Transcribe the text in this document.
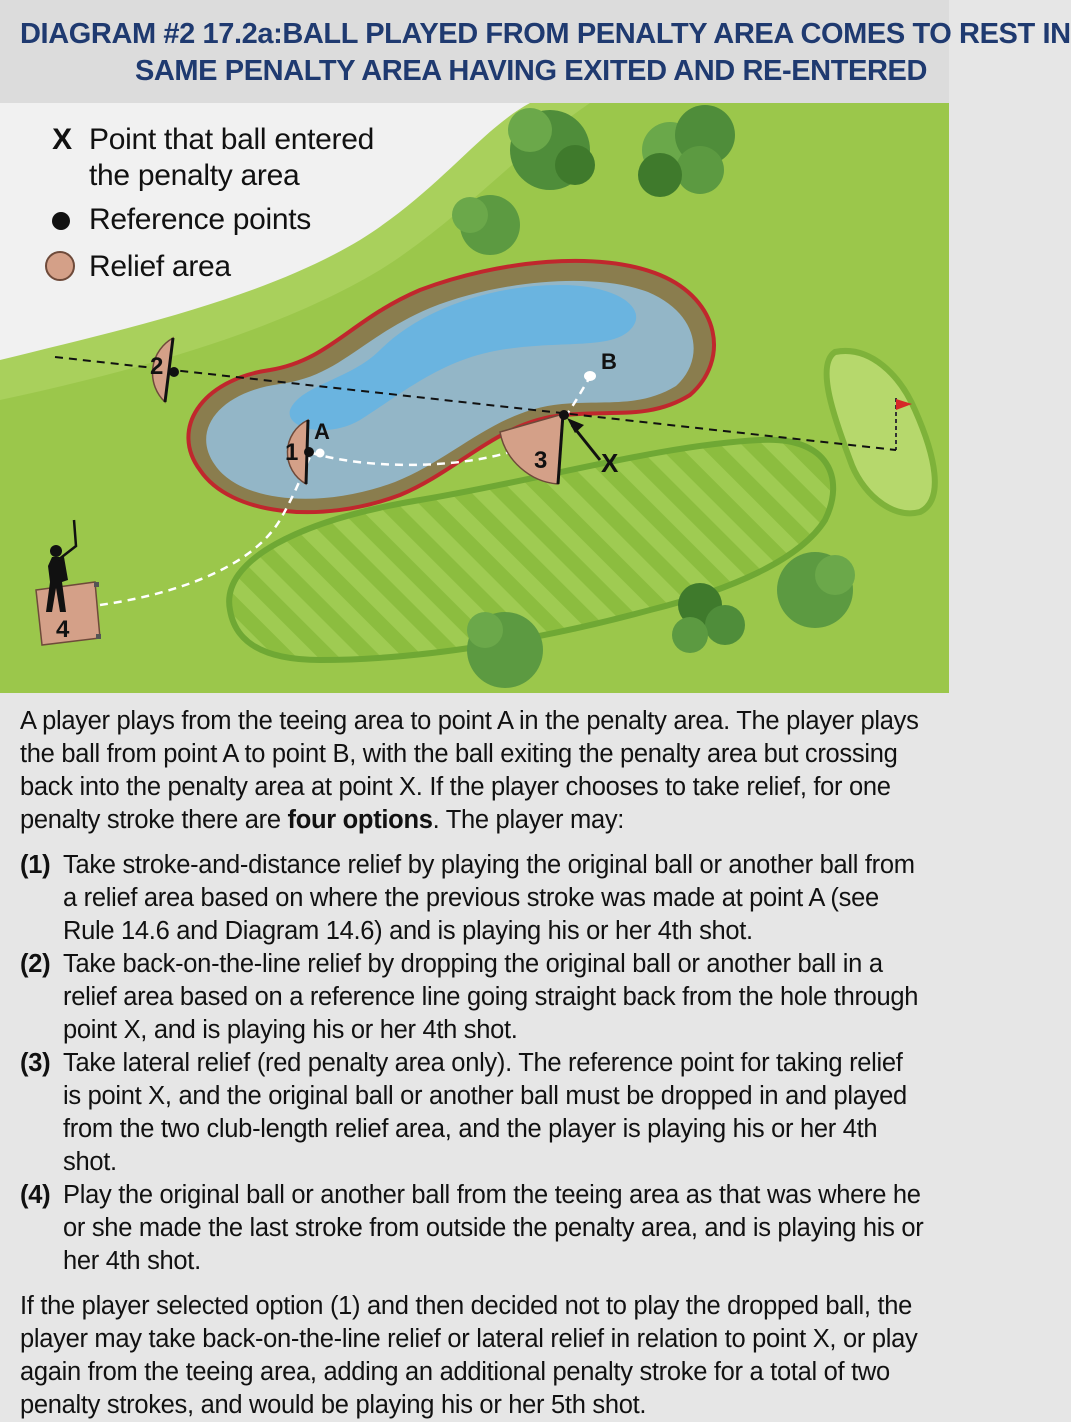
DIAGRAM #2 17.2a: BALL PLAYED FROM PENALTY AREA COMES TO REST IN
SAME PENALTY AREA HAVING EXITED AND RE-ENTERED
A
B
X
1
2
3
4
X Point that ball entered
the penalty area
Reference points
Relief area

A player plays from the teeing area to point A in the penalty area. The player plays the ball from point A to point B, with the ball exiting the penalty area but crossing back into the penalty area at point X. If the player chooses to take relief, for one penalty stroke there are four options. The player may:

(1) Take stroke-and-distance relief by playing the original ball or another ball from a relief area based on where the previous stroke was made at point A (see Rule 14.6 and Diagram 14.6) and is playing his or her 4th shot.
(2) Take back-on-the-line relief by dropping the original ball or another ball in a relief area based on a reference line going straight back from the hole through point X, and is playing his or her 4th shot.
(3) Take lateral relief (red penalty area only). The reference point for taking relief is point X, and the original ball or another ball must be dropped in and played from the two club-length relief area, and the player is playing his or her 4th shot.
(4) Play the original ball or another ball from the teeing area as that was where he or she made the last stroke from outside the penalty area, and is playing his or her 4th shot.

If the player selected option (1) and then decided not to play the dropped ball, the player may take back-on-the-line relief or lateral relief in relation to point X, or play again from the teeing area, adding an additional penalty stroke for a total of two penalty strokes, and would be playing his or her 5th shot.
